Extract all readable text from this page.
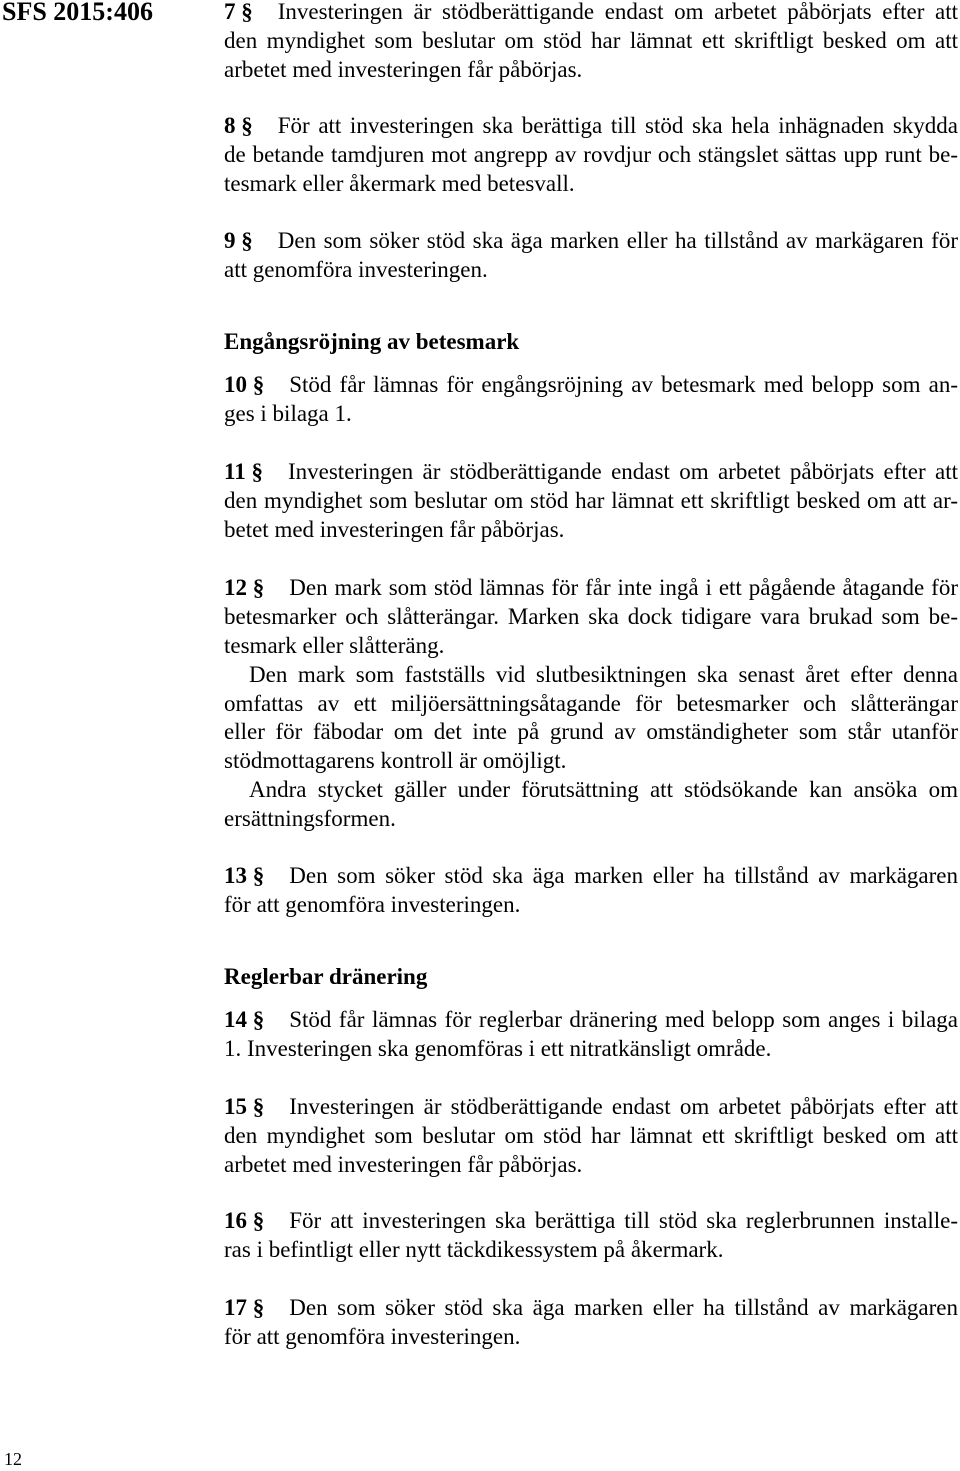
SFS 2015:406	7 § Investeringen är stödberättigande endast om arbetet påbörjats efter att
den myndighet som beslutar om stöd har lämnat ett skriftligt besked om att
arbetet med investeringen får påbörjas.
8 § För att investeringen ska berättiga till stöd ska hela inhägnaden skydda
de betande tamdjuren mot angrepp av rovdjur och stängslet sättas upp runt be-
tesmark eller åkermark med betesvall.
9 § Den som söker stöd ska äga marken eller ha tillstånd av markägaren för
att genomföra investeringen.
Engångsröjning av betesmark
10 § Stöd får lämnas för engångsröjning av betesmark med belopp som an-
ges i bilaga 1.
11 § Investeringen är stödberättigande endast om arbetet påbörjats efter att
den myndighet som beslutar om stöd har lämnat ett skriftligt besked om att ar-
betet med investeringen får påbörjas.
12 § Den mark som stöd lämnas för får inte ingå i ett pågående åtagande för
betesmarker och slåtterängar. Marken ska dock tidigare vara brukad som be-
tesmark eller slåtteräng.
Den mark som fastställs vid slutbesiktningen ska senast året efter denna
omfattas av ett miljöersättningsåtagande för betesmarker och slåtterängar
eller för fäbodar om det inte på grund av omständigheter som står utanför
stödmottagarens kontroll är omöjligt.
Andra stycket gäller under förutsättning att stödsökande kan ansöka om
ersättningsformen.
13 § Den som söker stöd ska äga marken eller ha tillstånd av markägaren
för att genomföra investeringen.
Reglerbar dränering
14 § Stöd får lämnas för reglerbar dränering med belopp som anges i bilaga
1. Investeringen ska genomföras i ett nitratkänsligt område.
15 § Investeringen är stödberättigande endast om arbetet påbörjats efter att
den myndighet som beslutar om stöd har lämnat ett skriftligt besked om att
arbetet med investeringen får påbörjas.
16 § För att investeringen ska berättiga till stöd ska reglerbrunnen installe-
ras i befintligt eller nytt täckdikessystem på åkermark.
17 § Den som söker stöd ska äga marken eller ha tillstånd av markägaren
för att genomföra investeringen.
12
